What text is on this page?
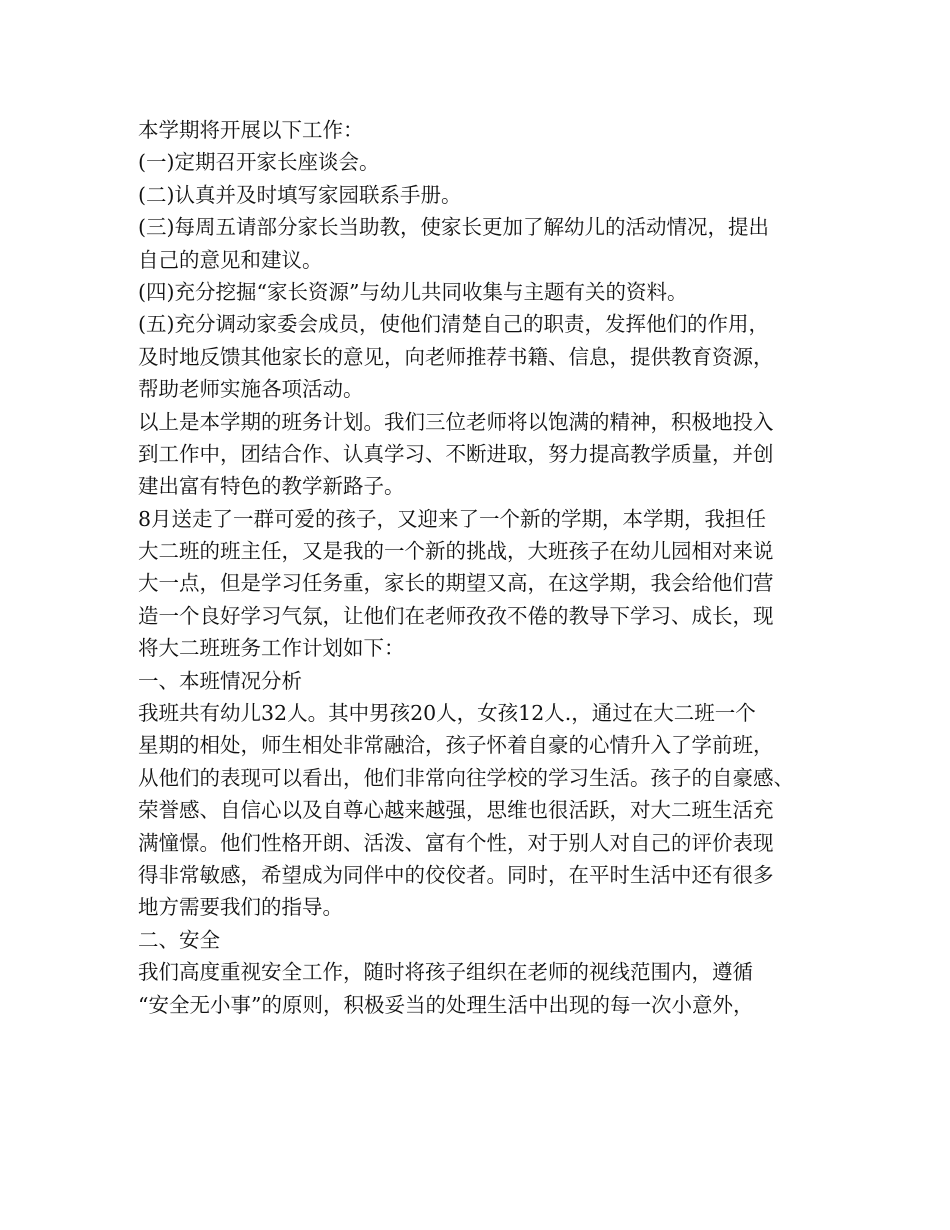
本学期将开展以下工作：
(一)定期召开家长座谈会。
(二)认真并及时填写家园联系手册。
(三)每周五请部分家长当助教，使家长更加了解幼儿的活动情况，提出
自己的意见和建议。
(四)充分挖掘“家长资源”与幼儿共同收集与主题有关的资料。
(五)充分调动家委会成员，使他们清楚自己的职责，发挥他们的作用，
及时地反馈其他家长的意见，向老师推荐书籍、信息，提供教育资源，
帮助老师实施各项活动。
以上是本学期的班务计划。我们三位老师将以饱满的精神，积极地投入
到工作中，团结合作、认真学习、不断进取，努力提高教学质量，并创
建出富有特色的教学新路子。
8月送走了一群可爱的孩子，又迎来了一个新的学期，本学期，我担任
大二班的班主任，又是我的一个新的挑战，大班孩子在幼儿园相对来说
大一点，但是学习任务重，家长的期望又高，在这学期，我会给他们营
造一个良好学习气氛，让他们在老师孜孜不倦的教导下学习、成长，现
将大二班班务工作计划如下：
一、本班情况分析
我班共有幼儿32人。其中男孩20人，女孩12人.，通过在大二班一个
星期的相处，师生相处非常融洽，孩子怀着自豪的心情升入了学前班，
从他们的表现可以看出，他们非常向往学校的学习生活。孩子的自豪感、
荣誉感、自信心以及自尊心越来越强，思维也很活跃，对大二班生活充
满憧憬。他们性格开朗、活泼、富有个性，对于别人对自己的评价表现
得非常敏感，希望成为同伴中的佼佼者。同时，在平时生活中还有很多
地方需要我们的指导。
二、安全
我们高度重视安全工作，随时将孩子组织在老师的视线范围内，遵循
“安全无小事”的原则，积极妥当的处理生活中出现的每一次小意外，
